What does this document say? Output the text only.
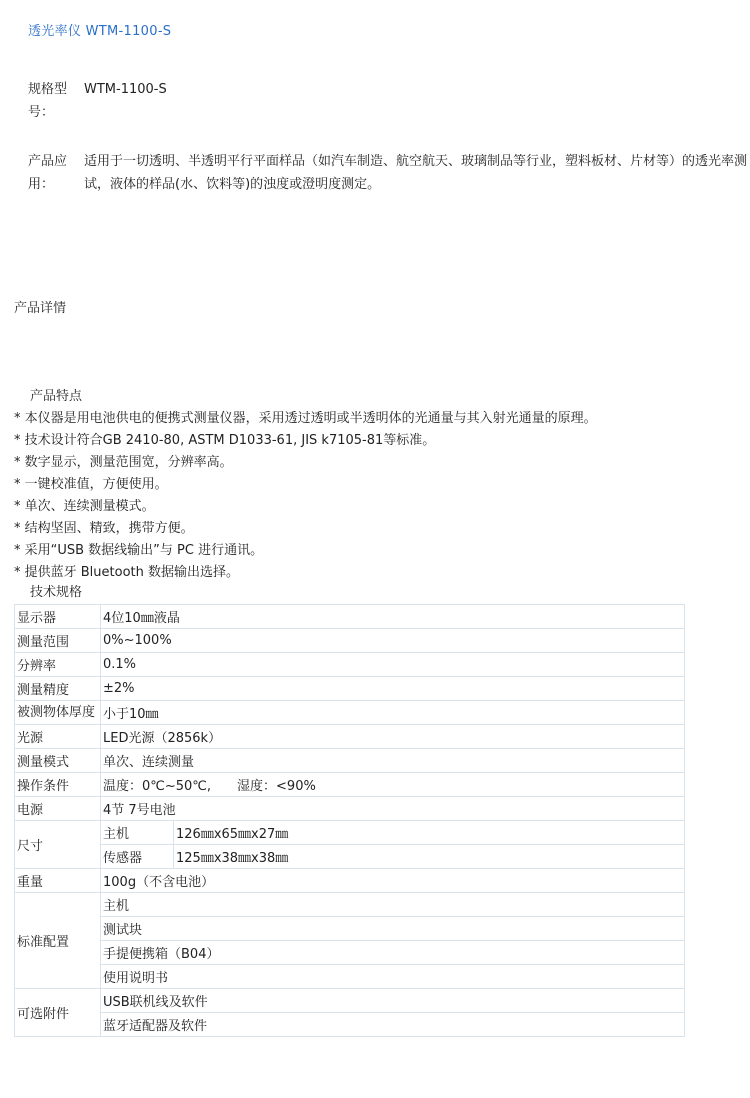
透光率仪 WTM-1100-S
规格型号：
WTM-1100-S
产品应用：
适用于一切透明、半透明平行平面样品（如汽车制造、航空航天、玻璃制品等行业，塑料板材、片材等）的透光率测试，液体的样品(水、饮料等)的浊度或澄明度测定。
产品详情
产品特点
* 本仪器是用电池供电的便携式测量仪器，采用透过透明或半透明体的光通量与其入射光通量的原理。
* 技术设计符合GB 2410-80, ASTM D1033-61, JIS k7105-81等标准。
* 数字显示，测量范围宽，分辨率高。
* 一键校准值，方便使用。
* 单次、连续测量模式。
* 结构坚固、精致，携带方便。
* 采用“USB 数据线输出”与 PC 进行通讯。
* 提供蓝牙 Bluetooth 数据输出选择。
技术规格
显示器	4位10㎜液晶	
测量范围	0%~100%	
分辨率	0.1%	
测量精度	±2%	
被测物体厚度	小于10㎜	
光源	LED光源（2856k）	
测量模式	单次、连续测量	
操作条件	温度：0℃~50℃,　　湿度：<90%	
电源	4节 7号电池	
尺寸	主机	126㎜x65㎜x27㎜
	传感器	125㎜x38㎜x38㎜
重量	100g（不含电池）	
标准配置	主机	
	测试块	
	手提便携箱（B04）	
	使用说明书	
可选附件	USB联机线及软件	
	蓝牙适配器及软件	
